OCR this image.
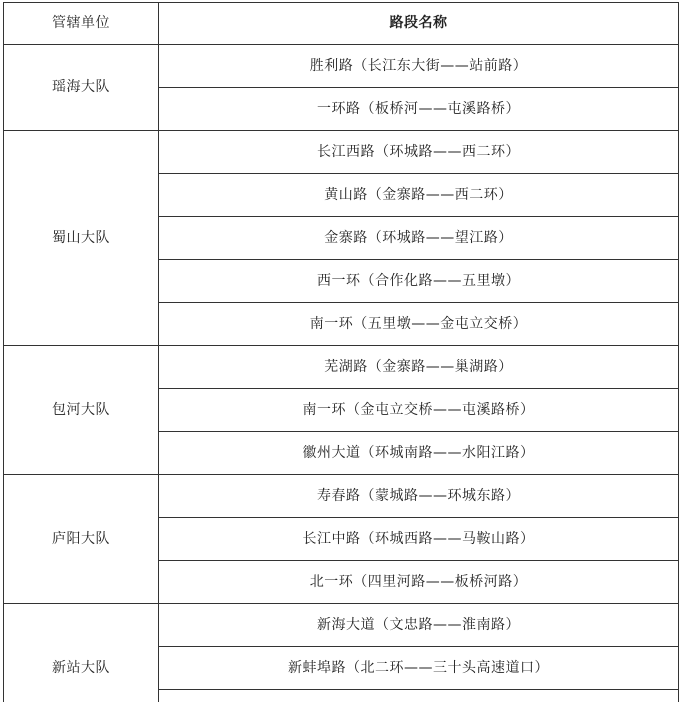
管辖单位	路段名称
瑶海大队	胜利路（长江东大街——站前路）
	一环路（板桥河——屯溪路桥）
蜀山大队	长江西路（环城路——西二环）
	黄山路（金寨路——西二环）
	金寨路（环城路——望江路）
	西一环（合作化路——五里墩）
	南一环（五里墩——金屯立交桥）
包河大队	芜湖路（金寨路——巢湖路）
	南一环（金屯立交桥——屯溪路桥）
	徽州大道（环城南路——水阳江路）
庐阳大队	寿春路（蒙城路——环城东路）
	长江中路（环城西路——马鞍山路）
	北一环（四里河路——板桥河路）
新站大队	新海大道（文忠路——淮南路）
	新蚌埠路（北二环——三十头高速道口）
